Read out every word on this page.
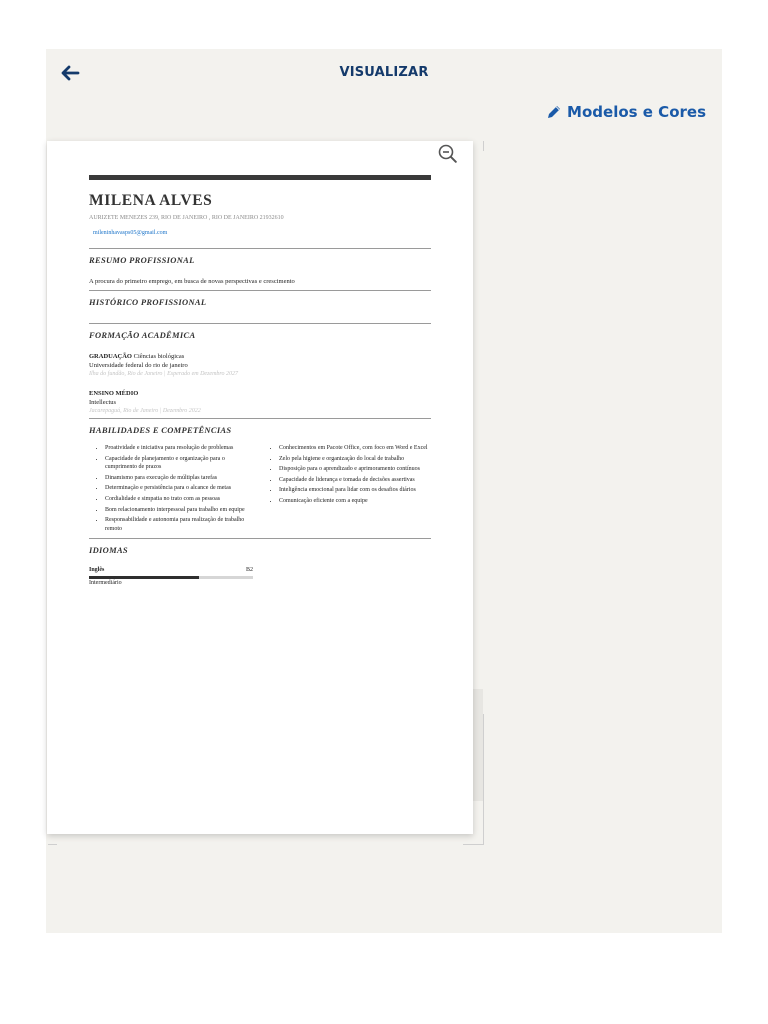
VISUALIZAR
Modelos e Cores
MILENA ALVES
AURIZETE MENEZES 239, RIO DE JANEIRO , RIO DE JANEIRO 21932610
mileninhavasps05@gmail.com
RESUMO PROFISSIONAL
A procura do primeiro emprego, em busca de novas perspectivas e crescimento
HISTÓRICO PROFISSIONAL
FORMAÇÃO ACADÊMICA
GRADUAÇÃO Ciências biológicas
Universidade federal do rio de janeiro
Ilha do fundão, Rio de Janeiro | Esperado em Dezembro 2027
ENSINO MÉDIO
Intellectus
Jacarepaguá, Rio de Janeiro | Dezembro 2022
HABILIDADES E COMPETÊNCIAS
• Proatividade e iniciativa para resolução de problemas
• Capacidade de planejamento e organização para o cumprimento de prazos
• Dinamismo para execução de múltiplas tarefas
• Determinação e persistência para o alcance de metas
• Cordialidade e simpatia no trato com as pessoas
• Bom relacionamento interpessoal para trabalho em equipe
• Responsabilidade e autonomia para realização de trabalho remoto
• Conhecimentos em Pacote Office, com foco em Word e Excel
• Zelo pela higiene e organização do local de trabalho
• Disposição para o aprendizado e aprimoramento contínuos
• Capacidade de liderança e tomada de decisões assertivas
• Inteligência emocional para lidar com os desafios diários
• Comunicação eficiente com a equipe
IDIOMAS
Inglês	B2
Intermediário
